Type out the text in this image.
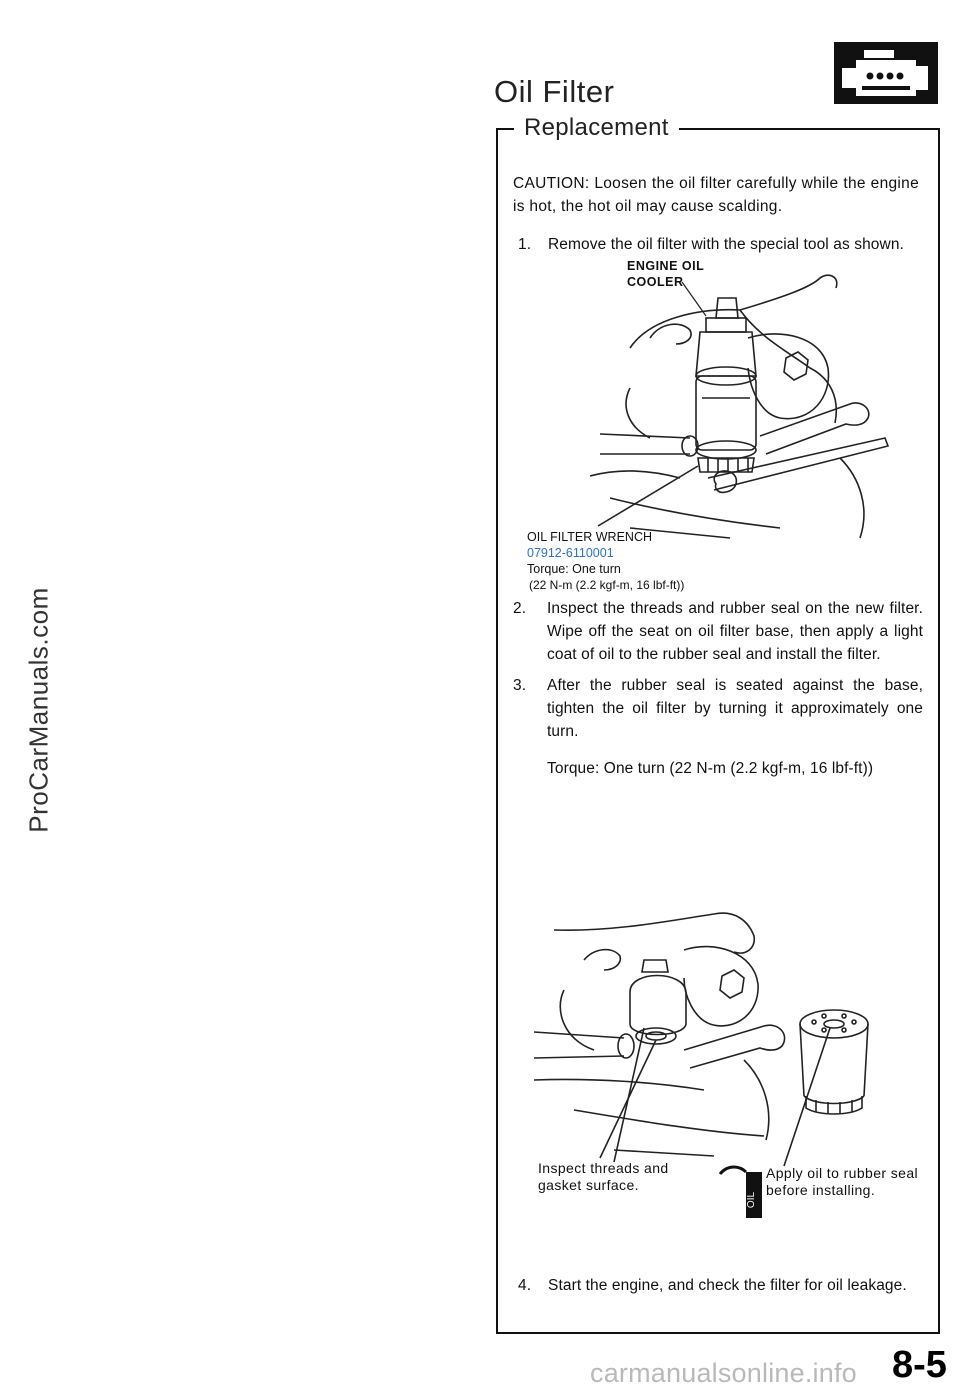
ProCarManuals.com
Oil Filter
Replacement
CAUTION: Loosen the oil filter carefully while the engine is hot, the hot oil may cause scalding.
1. Remove the oil filter with the special tool as shown.
ENGINE OIL
COOLER
OIL FILTER WRENCH
07912-6110001
Torque: One turn
(22 N-m (2.2 kgf-m, 16 lbf-ft))
2. Inspect the threads and rubber seal on the new filter. Wipe off the seat on oil filter base, then apply a light coat of oil to the rubber seal and install the filter.
3. After the rubber seal is seated against the base, tighten the oil filter by turning it approximately one turn.
Torque: One turn (22 N-m (2.2 kgf-m, 16 lbf-ft))
Inspect threads and
gasket surface.
OIL
Apply oil to rubber seal
before installing.
4. Start the engine, and check the filter for oil leakage.
carmanualsonline.info 8-5
